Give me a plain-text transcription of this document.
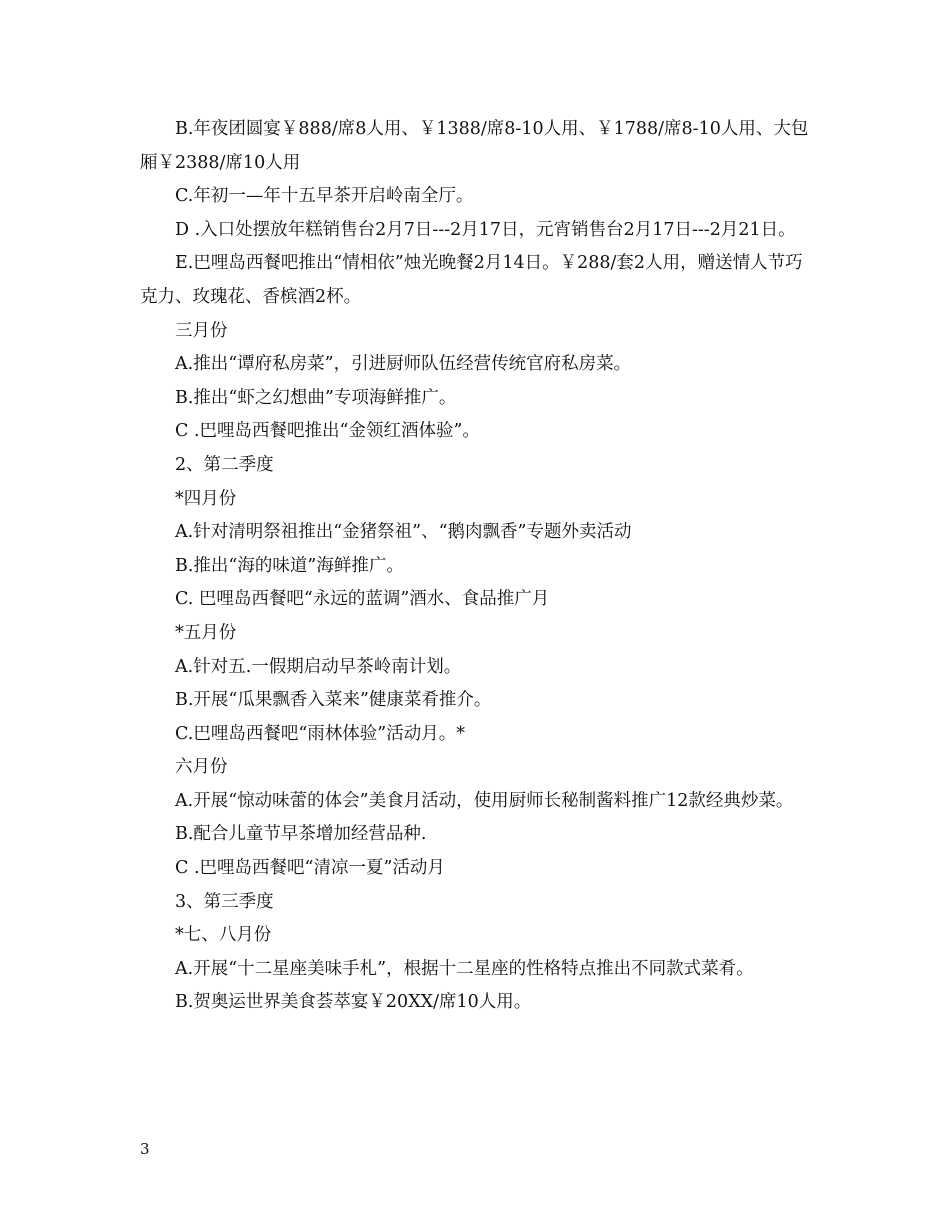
B.年夜团圆宴￥888/席8人用、￥1388/席8-10人用、￥1788/席8-10人用、大包厢￥2388/席10人用

C.年初一—年十五早茶开启岭南全厅。

D .入口处摆放年糕销售台2月7日---2月17日，元宵销售台2月17日---2月21日。

E.巴哩岛西餐吧推出“情相依”烛光晚餐2月14日。￥288/套2人用，赠送情人节巧克力、玫瑰花、香槟酒2杯。

三月份

A.推出“谭府私房菜”，引进厨师队伍经营传统官府私房菜。

B.推出“虾之幻想曲”专项海鲜推广。

C .巴哩岛西餐吧推出“金领红酒体验”。

2、第二季度

*四月份

A.针对清明祭祖推出“金猪祭祖”、“鹅肉飘香”专题外卖活动

B.推出“海的味道”海鲜推广。

C. 巴哩岛西餐吧“永远的蓝调”酒水、食品推广月

*五月份

A.针对五.一假期启动早茶岭南计划。

B.开展“瓜果飘香入菜来”健康菜肴推介。

C.巴哩岛西餐吧“雨林体验”活动月。*

六月份

A.开展“惊动味蕾的体会”美食月活动，使用厨师长秘制酱料推广12款经典炒菜。

B.配合儿童节早茶增加经营品种.

C .巴哩岛西餐吧“清凉一夏”活动月

3、第三季度

*七、八月份

A.开展“十二星座美味手札”，根据十二星座的性格特点推出不同款式菜肴。

B.贺奥运世界美食荟萃宴￥20XX/席10人用。

3
